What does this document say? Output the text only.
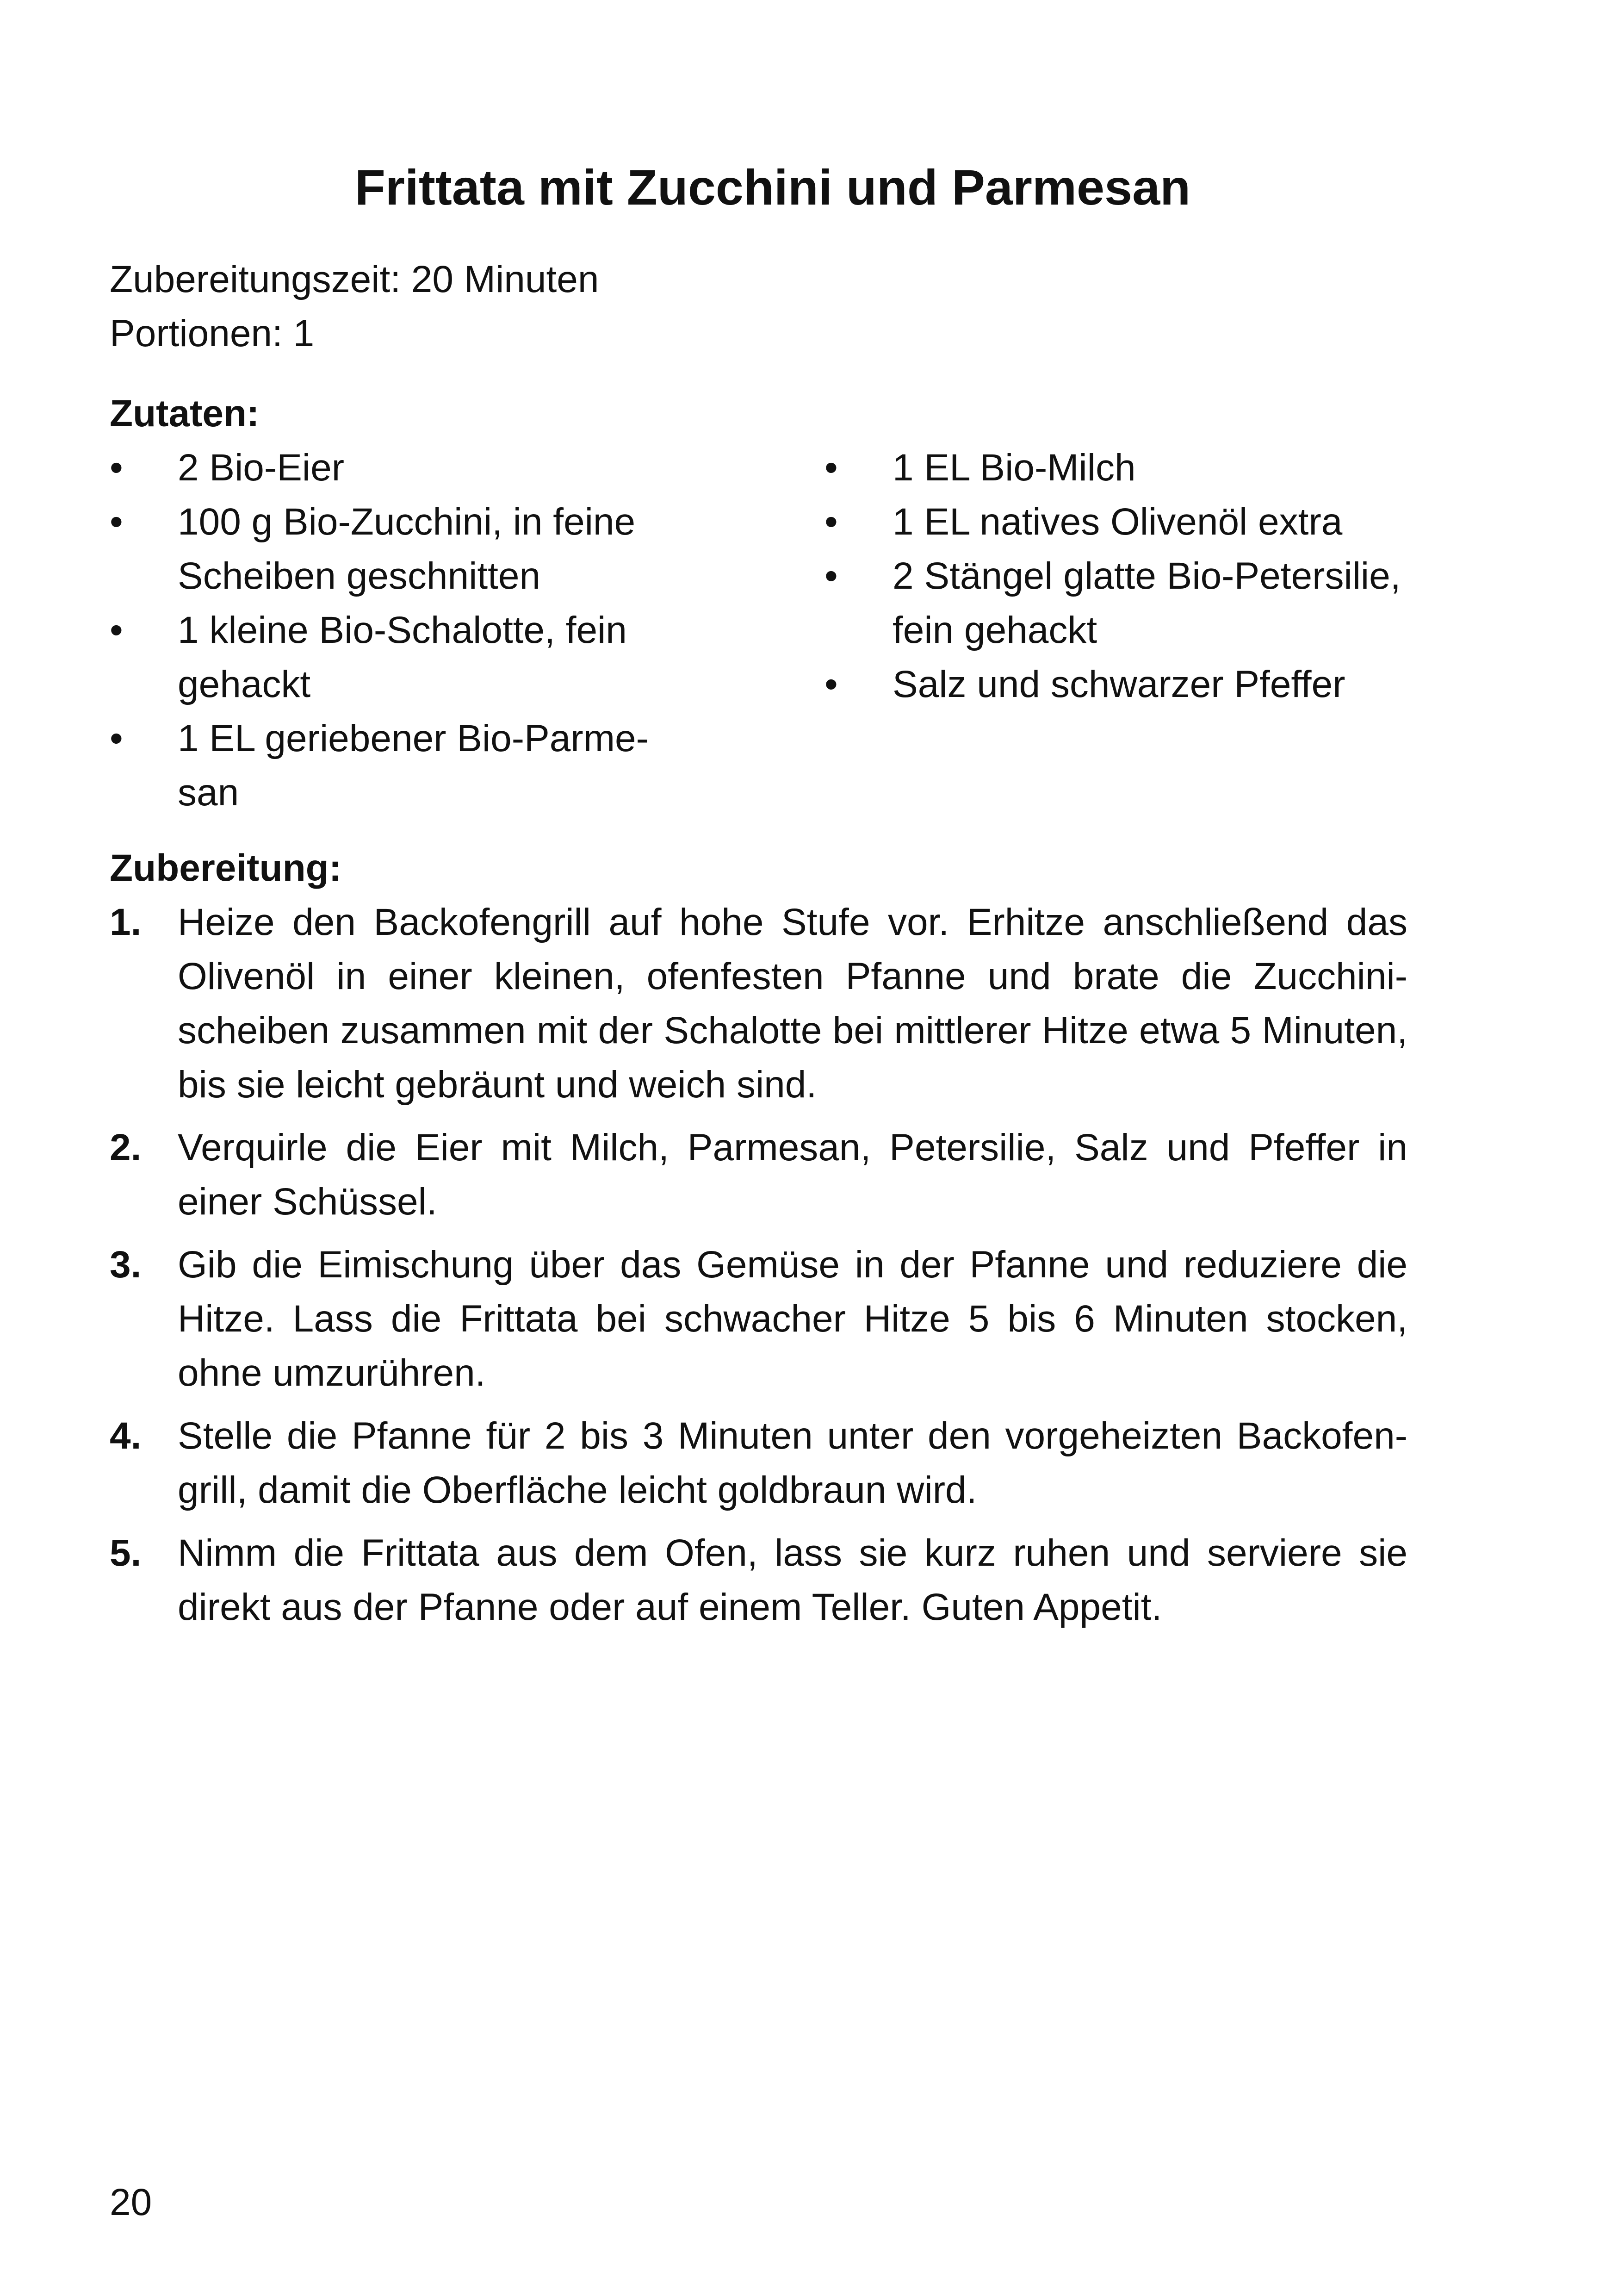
Frittata mit Zucchini und Parmesan
Zubereitungszeit: 20 Minuten
Portionen: 1
Zutaten:
•	2 Bio-Eier
•	100 g Bio-Zucchini, in feine Scheiben geschnitten
•	1 kleine Bio-Schalotte, fein gehackt
•	1 EL geriebener Bio-Parmesan
•	1 EL Bio-Milch
•	1 EL natives Olivenöl extra
•	2 Stängel glatte Bio-Petersilie, fein gehackt
•	Salz und schwarzer Pfeffer
Zubereitung:
1. Heize den Backofengrill auf hohe Stufe vor. Erhitze anschließend das Olivenöl in einer kleinen, ofenfesten Pfanne und brate die Zucchinischeiben zusammen mit der Schalotte bei mittlerer Hitze etwa 5 Minuten, bis sie leicht gebräunt und weich sind.
2. Verquirle die Eier mit Milch, Parmesan, Petersilie, Salz und Pfeffer in einer Schüssel.
3. Gib die Eimischung über das Gemüse in der Pfanne und reduziere die Hitze. Lass die Frittata bei schwacher Hitze 5 bis 6 Minuten stocken, ohne umzurühren.
4. Stelle die Pfanne für 2 bis 3 Minuten unter den vorgeheizten Backofengrill, damit die Oberfläche leicht goldbraun wird.
5. Nimm die Frittata aus dem Ofen, lass sie kurz ruhen und serviere sie direkt aus der Pfanne oder auf einem Teller. Guten Appetit.
20
